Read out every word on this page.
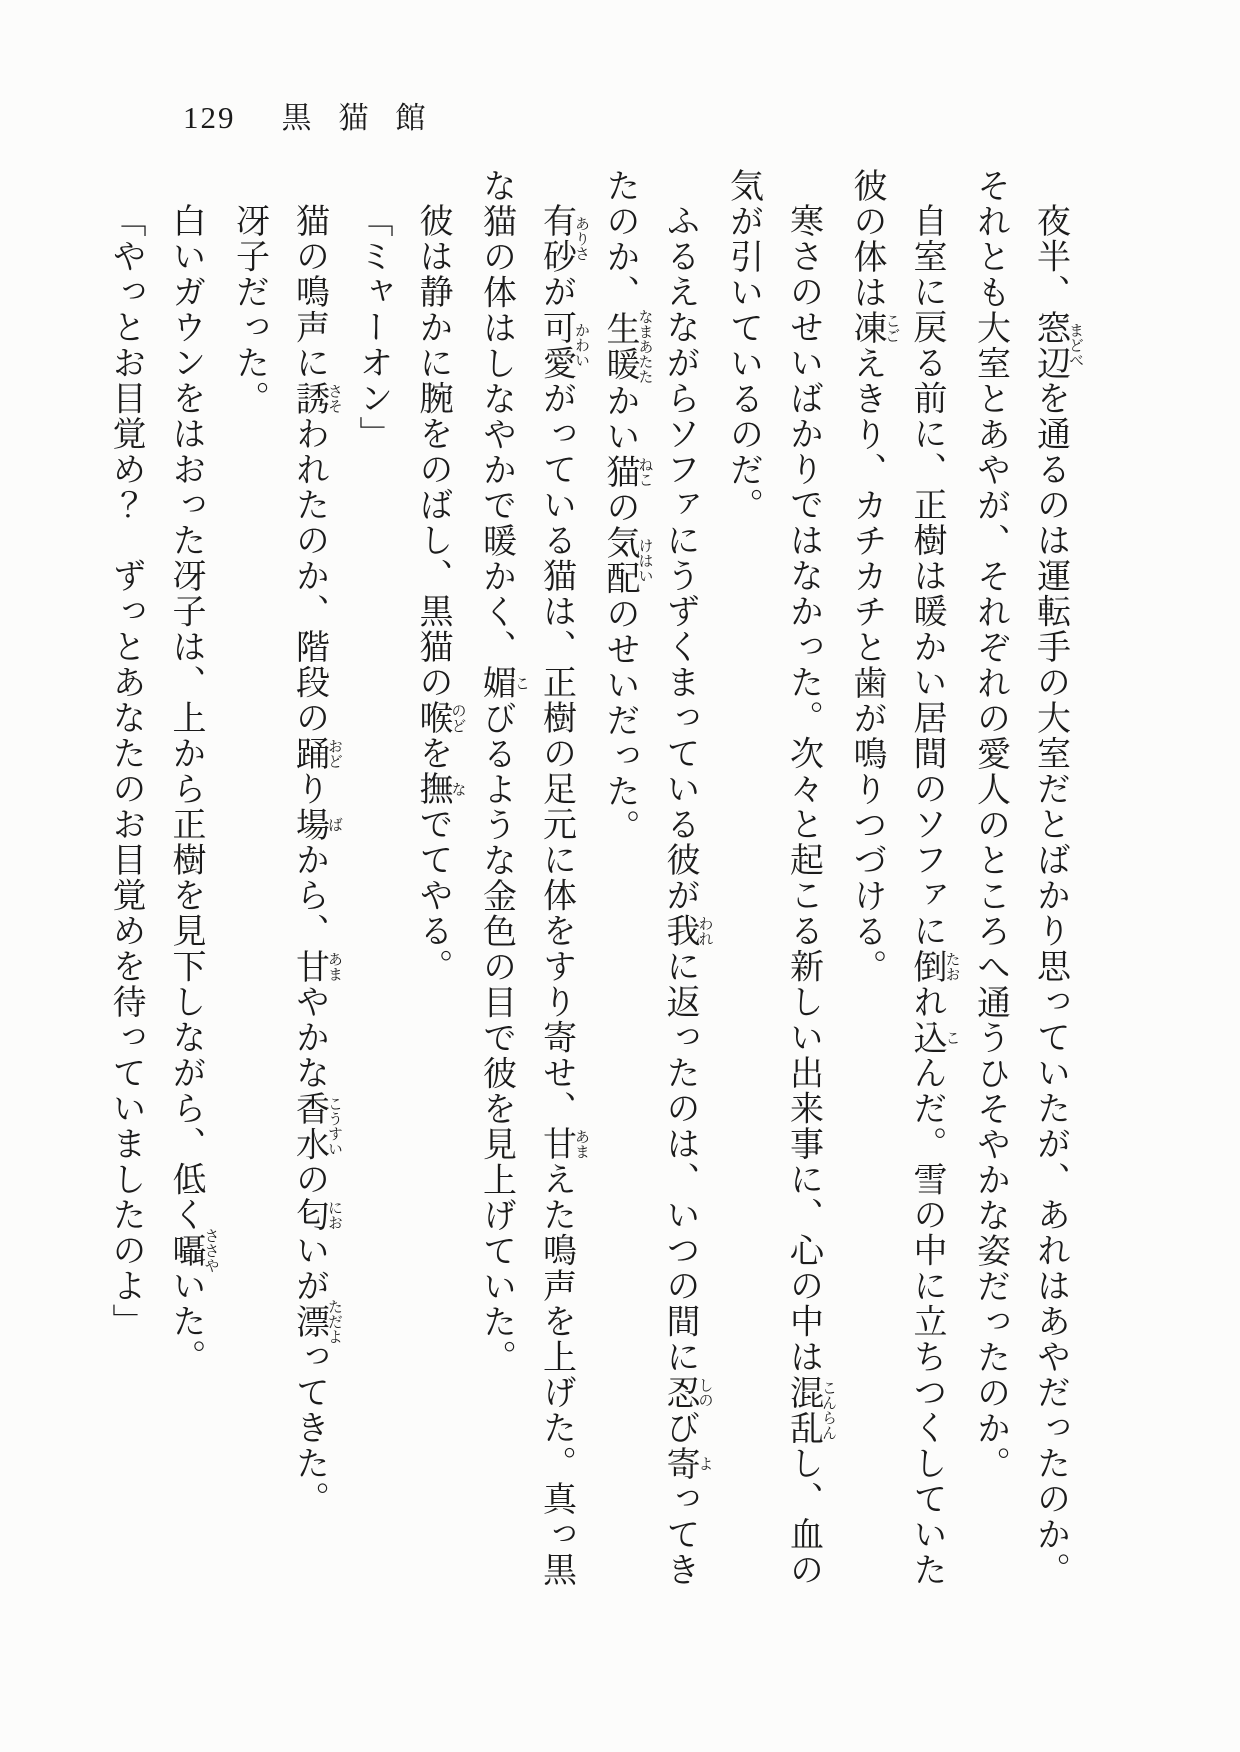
129 黒猫館

夜半、窓辺まどべを通るのは運転手の大室だとばかり思っていたが、あれはあやだったのか。それとも大室とあやが、それぞれの愛人のところへ通うひそやかな姿だったのか。

自室に戻る前に、正樹は暖かい居間のソファに倒たおれ込こんだ。雪の中に立ちつくしていた彼の体は凍こごえきり、カチカチと歯が鳴りつづける。

寒さのせいばかりではなかった。次々と起こる新しい出来事に、心の中は混乱こんらんし、血の気が引いているのだ。

ふるえながらソファにうずくまっている彼が我われに返ったのは、いつの間に忍しのび寄よってきたのか、生暖なまあたたかい猫ねこの気配けはいのせいだった。

有砂ありさが可愛かわいがっている猫は、正樹の足元に体をすり寄せ、甘あまえた鳴声を上げた。真っ黒な猫の体はしなやかで暖かく、媚こびるような金色の目で彼を見上げていた。

彼は静かに腕をのばし、黒猫の喉のどを撫なでてやる。

「ミャーオン」

猫の鳴声に誘さそわれたのか、階段の踊おどり場ばから、甘あまやかな香水こうすいの匂においが漂ただよってきた。

冴子だった。

白いガウンをはおった冴子は、上から正樹を見下しながら、低く囁ささやいた。

「やっとお目覚め？　ずっとあなたのお目覚めを待っていましたのよ」
